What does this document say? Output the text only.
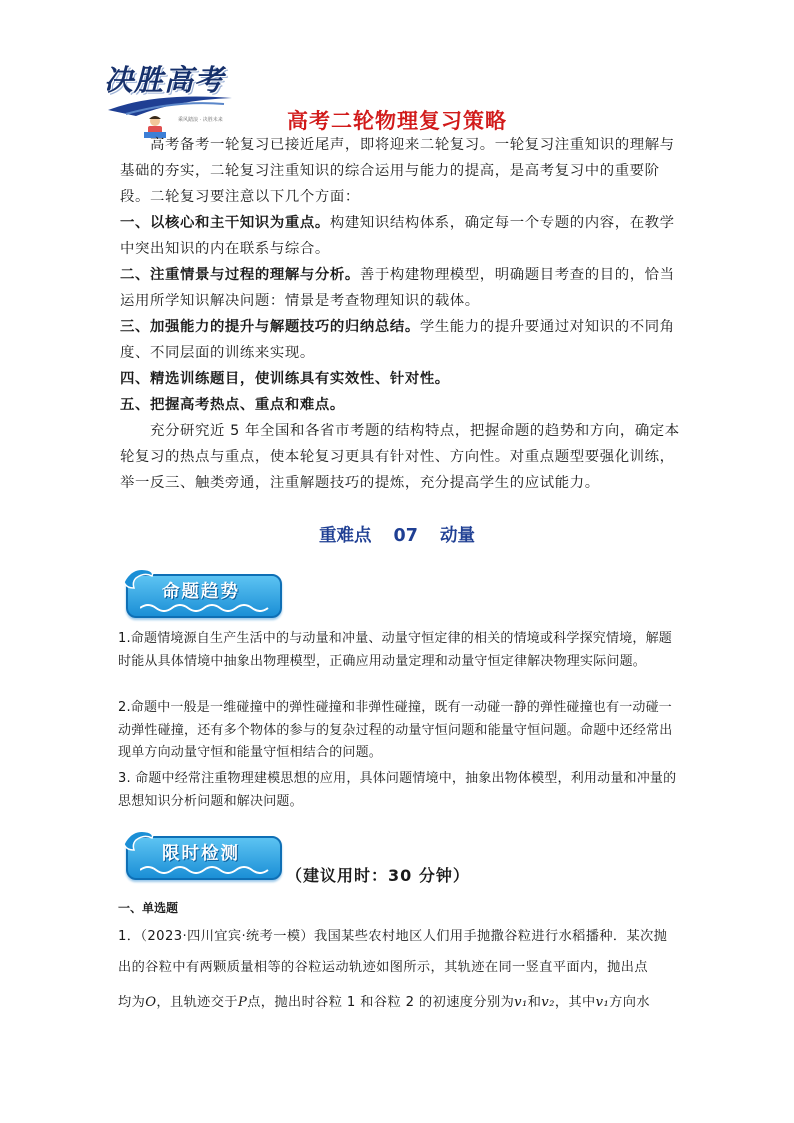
决胜高考
乘风踏浪 · 决胜未来	高考二轮物理复习策略
高考备考一轮复习已接近尾声，即将迎来二轮复习。一轮复习注重知识的理解与基础的夯实，二轮复习注重知识的综合运用与能力的提高，是高考复习中的重要阶段。二轮复习要注意以下几个方面：
一、以核心和主干知识为重点。构建知识结构体系，确定每一个专题的内容，在教学中突出知识的内在联系与综合。
二、注重情景与过程的理解与分析。善于构建物理模型，明确题目考查的目的，恰当运用所学知识解决问题：情景是考查物理知识的载体。
三、加强能力的提升与解题技巧的归纳总结。学生能力的提升要通过对知识的不同角度、不同层面的训练来实现。
四、精选训练题目，使训练具有实效性、针对性。
五、把握高考热点、重点和难点。
充分研究近 5 年全国和各省市考题的结构特点，把握命题的趋势和方向，确定本轮复习的热点与重点，使本轮复习更具有针对性、方向性。对重点题型要强化训练，举一反三、触类旁通，注重解题技巧的提炼，充分提高学生的应试能力。
重难点 07 动量
命题趋势
1.命题情境源自生产生活中的与动量和冲量、动量守恒定律的相关的情境或科学探究情境，解题时能从具体情境中抽象出物理模型，正确应用动量定理和动量守恒定律解决物理实际问题。
2.命题中一般是一维碰撞中的弹性碰撞和非弹性碰撞，既有一动碰一静的弹性碰撞也有一动碰一动弹性碰撞，还有多个物体的参与的复杂过程的动量守恒问题和能量守恒问题。命题中还经常出现单方向动量守恒和能量守恒相结合的问题。
3. 命题中经常注重物理建模思想的应用，具体问题情境中，抽象出物体模型，利用动量和冲量的思想知识分析问题和解决问题。
限时检测
（建议用时：30 分钟）
一、单选题
1．（2023·四川宜宾·统考一模）我国某些农村地区人们用手抛撒谷粒进行水稻播种．某次抛
出的谷粒中有两颗质量相等的谷粒运动轨迹如图所示，其轨迹在同一竖直平面内，抛出点
均为O，且轨迹交于P点，抛出时谷粒 1 和谷粒 2 的初速度分别为v₁和v₂，其中v₁方向水
